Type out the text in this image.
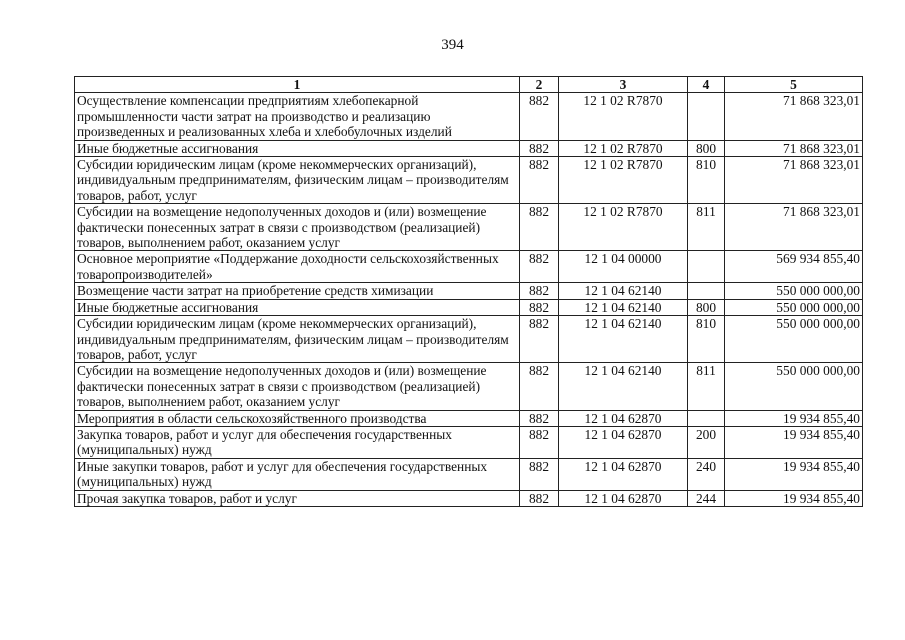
394
1	2	3	4	5
Осуществление компенсации предприятиям хлебопекарной промышленности части затрат на производство и реализацию произведенных и реализованных хлеба и хлебобулочных изделий	882	12 1 02 R7870		71 868 323,01
Иные бюджетные ассигнования	882	12 1 02 R7870	800	71 868 323,01
Субсидии юридическим лицам (кроме некоммерческих организаций), индивидуальным предпринимателям, физическим лицам – производителям товаров, работ, услуг	882	12 1 02 R7870	810	71 868 323,01
Субсидии на возмещение недополученных доходов и (или) возмещение фактически понесенных затрат в связи с производством (реализацией) товаров, выполнением работ, оказанием услуг	882	12 1 02 R7870	811	71 868 323,01
Основное мероприятие «Поддержание доходности сельскохозяйственных товаропроизводителей»	882	12 1 04 00000		569 934 855,40
Возмещение части затрат на приобретение средств химизации	882	12 1 04 62140		550 000 000,00
Иные бюджетные ассигнования	882	12 1 04 62140	800	550 000 000,00
Субсидии юридическим лицам (кроме некоммерческих организаций), индивидуальным предпринимателям, физическим лицам – производителям товаров, работ, услуг	882	12 1 04 62140	810	550 000 000,00
Субсидии на возмещение недополученных доходов и (или) возмещение фактически понесенных затрат в связи с производством (реализацией) товаров, выполнением работ, оказанием услуг	882	12 1 04 62140	811	550 000 000,00
Мероприятия в области сельскохозяйственного производства	882	12 1 04 62870		19 934 855,40
Закупка товаров, работ и услуг для обеспечения государственных (муниципальных) нужд	882	12 1 04 62870	200	19 934 855,40
Иные закупки товаров, работ и услуг для обеспечения государственных (муниципальных) нужд	882	12 1 04 62870	240	19 934 855,40
Прочая закупка товаров, работ и услуг	882	12 1 04 62870	244	19 934 855,40
